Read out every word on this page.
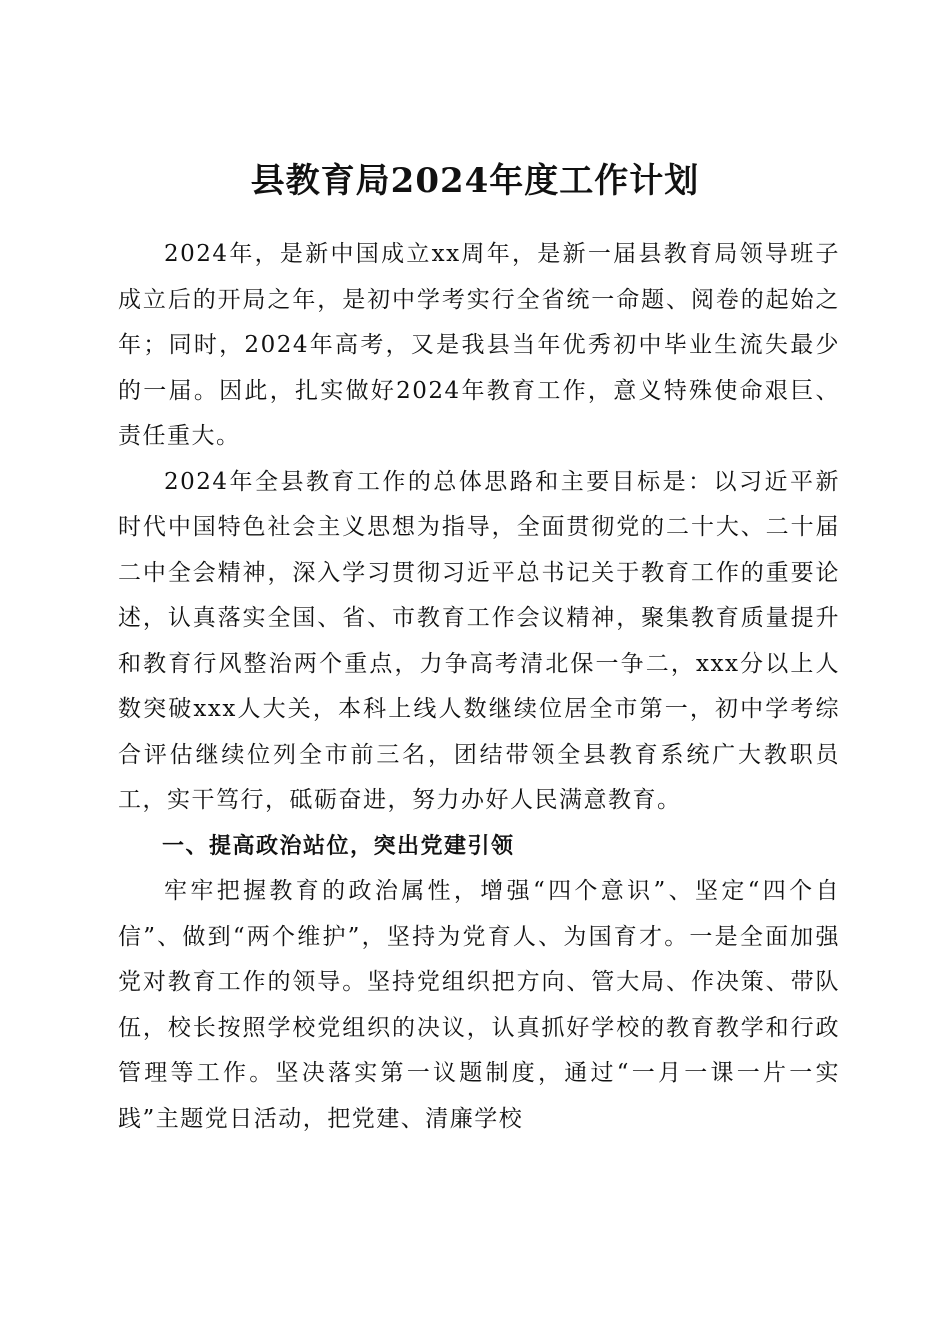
县教育局2024年度工作计划

2024年，是新中国成立xx周年，是新一届县教育局领导班子成立后的开局之年，是初中学考实行全省统一命题、阅卷的起始之年；同时，2024年高考，又是我县当年优秀初中毕业生流失最少的一届。因此，扎实做好2024年教育工作，意义特殊使命艰巨、责任重大。

2024年全县教育工作的总体思路和主要目标是：以习近平新时代中国特色社会主义思想为指导，全面贯彻党的二十大、二十届二中全会精神，深入学习贯彻习近平总书记关于教育工作的重要论述，认真落实全国、省、市教育工作会议精神，聚集教育质量提升和教育行风整治两个重点，力争高考清北保一争二，xxx分以上人数突破xxx人大关，本科上线人数继续位居全市第一，初中学考综合评估继续位列全市前三名，团结带领全县教育系统广大教职员工，实干笃行，砥砺奋进，努力办好人民满意教育。

一、提高政治站位，突出党建引领

牢牢把握教育的政治属性，增强“四个意识”、坚定“四个自信”、做到“两个维护”，坚持为党育人、为国育才。一是全面加强党对教育工作的领导。坚持党组织把方向、管大局、作决策、带队伍，校长按照学校党组织的决议，认真抓好学校的教育教学和行政管理等工作。坚决落实第一议题制度，通过“一月一课一片一实践”主题党日活动，把党建、清廉学校
